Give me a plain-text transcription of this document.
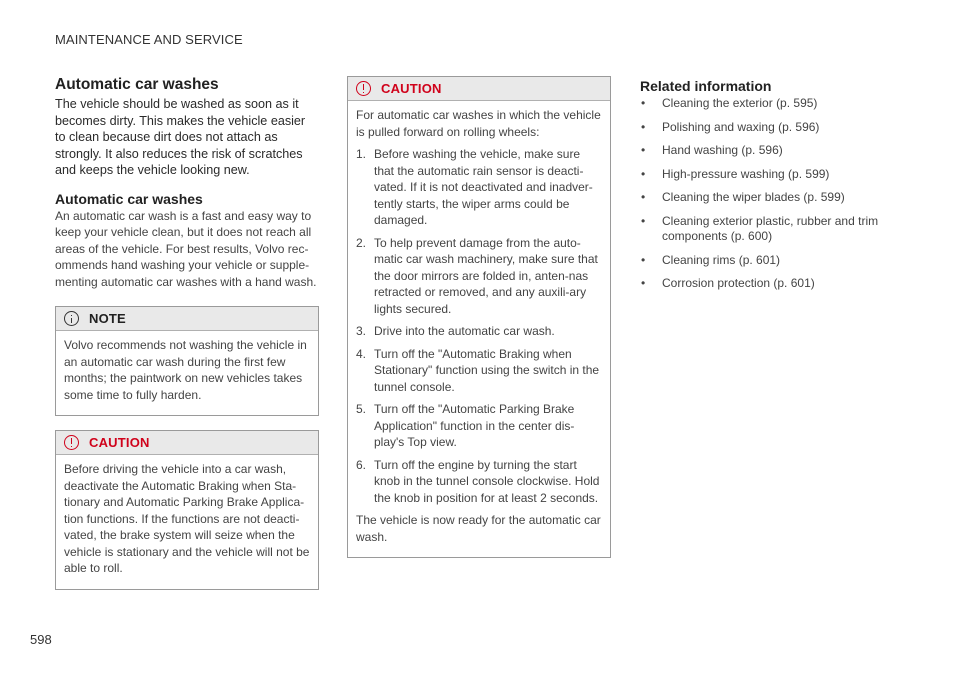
MAINTENANCE AND SERVICE
Automatic car washes

The vehicle should be washed as soon as it becomes dirty. This makes the vehicle easier to clean because dirt does not attach as strongly. It also reduces the risk of scratches and keeps the vehicle looking new.

Automatic car washes

An automatic car wash is a fast and easy way to keep your vehicle clean, but it does not reach all areas of the vehicle. For best results, Volvo rec-ommends hand washing your vehicle or supple-menting automatic car washes with a hand wash.

NOTE

Volvo recommends not washing the vehicle in an automatic car wash during the first few months; the paintwork on new vehicles takes some time to fully harden.

CAUTION

Before driving the vehicle into a car wash, deactivate the Automatic Braking when Sta-tionary and Automatic Parking Brake Applica-tion functions. If the functions are not deacti-vated, the brake system will seize when the vehicle is stationary and the vehicle will not be able to roll.

CAUTION

For automatic car washes in which the vehicle is pulled forward on rolling wheels:

1. Before washing the vehicle, make sure that the automatic rain sensor is deacti-vated. If it is not deactivated and inadver-tently starts, the wiper arms could be damaged.
2. To help prevent damage from the auto-matic car wash machinery, make sure that the door mirrors are folded in, anten-nas retracted or removed, and any auxili-ary lights secured.
3. Drive into the automatic car wash.
4. Turn off the "Automatic Braking when Stationary" function using the switch in the tunnel console.
5. Turn off the "Automatic Parking Brake Application" function in the center dis-play's Top view.
6. Turn off the engine by turning the start knob in the tunnel console clockwise. Hold the knob in position for at least 2 seconds.

The vehicle is now ready for the automatic car wash.

Related information
• Cleaning the exterior (p. 595)
• Polishing and waxing (p. 596)
• Hand washing (p. 596)
• High-pressure washing (p. 599)
• Cleaning the wiper blades (p. 599)
• Cleaning exterior plastic, rubber and trim components (p. 600)
• Cleaning rims (p. 601)
• Corrosion protection (p. 601)
598
